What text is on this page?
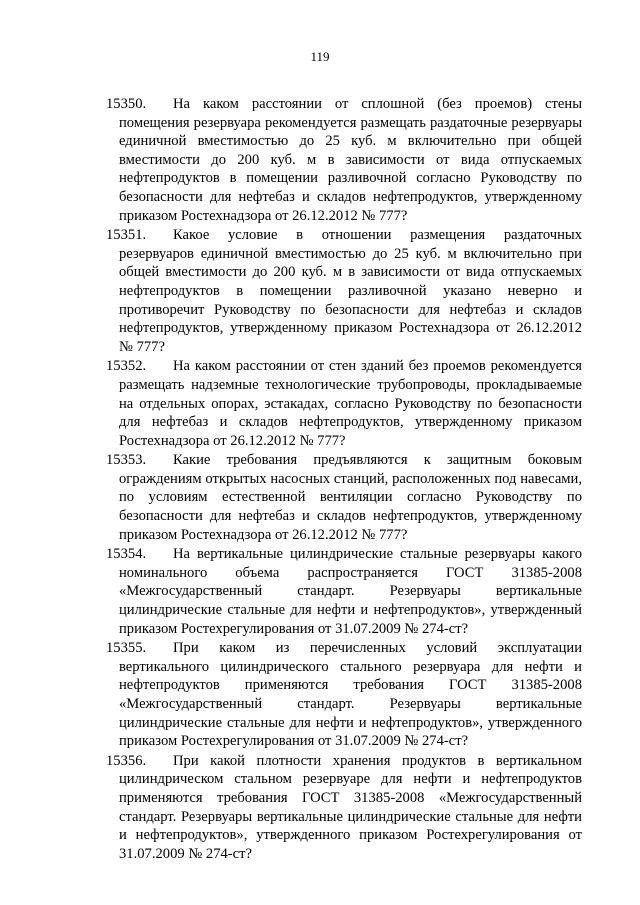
119
15350.	На каком расстоянии от сплошной (без проемов) стены помещения резервуара рекомендуется размещать раздаточные резервуары единичной вместимостью до 25 куб. м включительно при общей вместимости до 200 куб. м в зависимости от вида отпускаемых нефтепродуктов в помещении разливочной согласно Руководству по безопасности для нефтебаз и складов нефтепродуктов, утвержденному приказом Ростехнадзора от 26.12.2012 № 777?
15351.	Какое условие в отношении размещения раздаточных резервуаров единичной вместимостью до 25 куб. м включительно при общей вместимости до 200 куб. м в зависимости от вида отпускаемых нефтепродуктов в помещении разливочной указано неверно и противоречит Руководству по безопасности для нефтебаз и складов нефтепродуктов, утвержденному приказом Ростехнадзора от 26.12.2012 № 777?
15352.	На каком расстоянии от стен зданий без проемов рекомендуется размещать надземные технологические трубопроводы, прокладываемые на отдельных опорах, эстакадах, согласно Руководству по безопасности для нефтебаз и складов нефтепродуктов, утвержденному приказом Ростехнадзора от 26.12.2012 № 777?
15353.	Какие требования предъявляются к защитным боковым ограждениям открытых насосных станций, расположенных под навесами, по условиям естественной вентиляции согласно Руководству по безопасности для нефтебаз и складов нефтепродуктов, утвержденному приказом Ростехнадзора от 26.12.2012 № 777?
15354.	На вертикальные цилиндрические стальные резервуары какого номинального объема распространяется ГОСТ 31385-2008 «Межгосударственный стандарт. Резервуары вертикальные цилиндрические стальные для нефти и нефтепродуктов», утвержденный приказом Ростехрегулирования от 31.07.2009 № 274-ст?
15355.	При каком из перечисленных условий эксплуатации вертикального цилиндрического стального резервуара для нефти и нефтепродуктов применяются требования ГОСТ 31385-2008 «Межгосударственный стандарт. Резервуары вертикальные цилиндрические стальные для нефти и нефтепродуктов», утвержденного приказом Ростехрегулирования от 31.07.2009 № 274-ст?
15356.	При какой плотности хранения продуктов в вертикальном цилиндрическом стальном резервуаре для нефти и нефтепродуктов применяются требования ГОСТ 31385-2008 «Межгосударственный стандарт. Резервуары вертикальные цилиндрические стальные для нефти и нефтепродуктов», утвержденного приказом Ростехрегулирования от 31.07.2009 № 274-ст?
